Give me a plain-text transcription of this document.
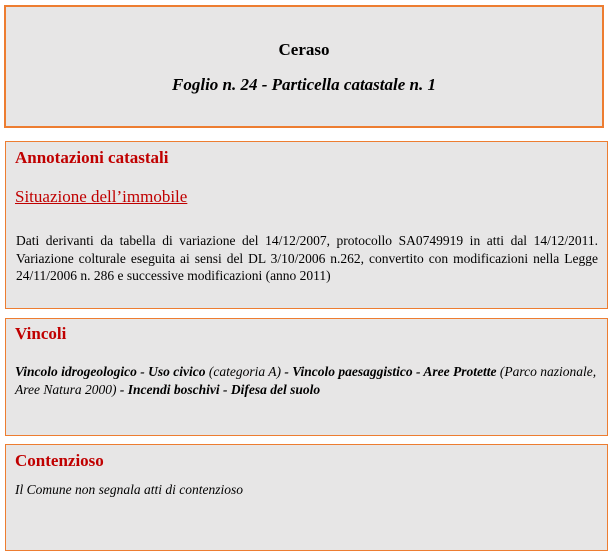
Ceraso
Foglio n. 24 - Particella catastale n. 1
Annotazioni catastali
Situazione dell’immobile
Dati derivanti da tabella di variazione del 14/12/2007, protocollo SA0749919 in atti dal 14/12/2011. Variazione colturale eseguita ai sensi del DL 3/10/2006 n.262, convertito con modificazioni nella Legge 24/11/2006 n. 286 e successive modificazioni (anno 2011)
Vincoli
Vincolo idrogeologico - Uso civico (categoria A) - Vincolo paesaggistico - Aree Protette (Parco nazionale, Aree Natura 2000) - Incendi boschivi - Difesa del suolo
Contenzioso
Il Comune non segnala atti di contenzioso
